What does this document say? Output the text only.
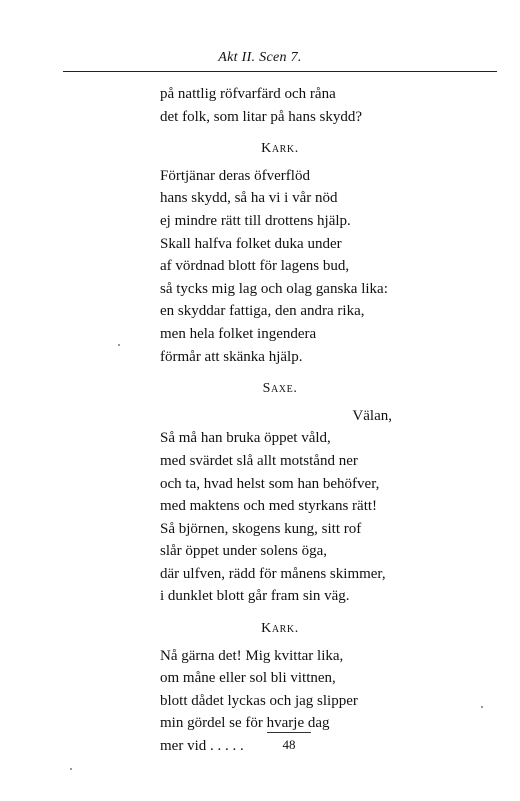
Akt II. Scen 7.
på nattlig röfvarfärd och råna
det folk, som litar på hans skydd?
Kark.
Förtjänar deras öfverflöd
hans skydd, så ha vi i vår nöd
ej mindre rätt till drottens hjälp.
Skall halfva folket duka under
af vördnad blott för lagens bud,
så tycks mig lag och olag ganska lika:
en skyddar fattiga, den andra rika,
men hela folket ingendera
förmår att skänka hjälp.
Saxe.
Välan,
Så må han bruka öppet våld,
med svärdet slå allt motstånd ner
och ta, hvad helst som han behöfver,
med maktens och med styrkans rätt!
Så björnen, skogens kung, sitt rof
slår öppet under solens öga,
där ulfven, rädd för månens skimmer,
i dunklet blott går fram sin väg.
Kark.
Nå gärna det! Mig kvittar lika,
om måne eller sol bli vittnen,
blott dådet lyckas och jag slipper
min gördel se för hvarje dag
mer vid . . . . .	48
